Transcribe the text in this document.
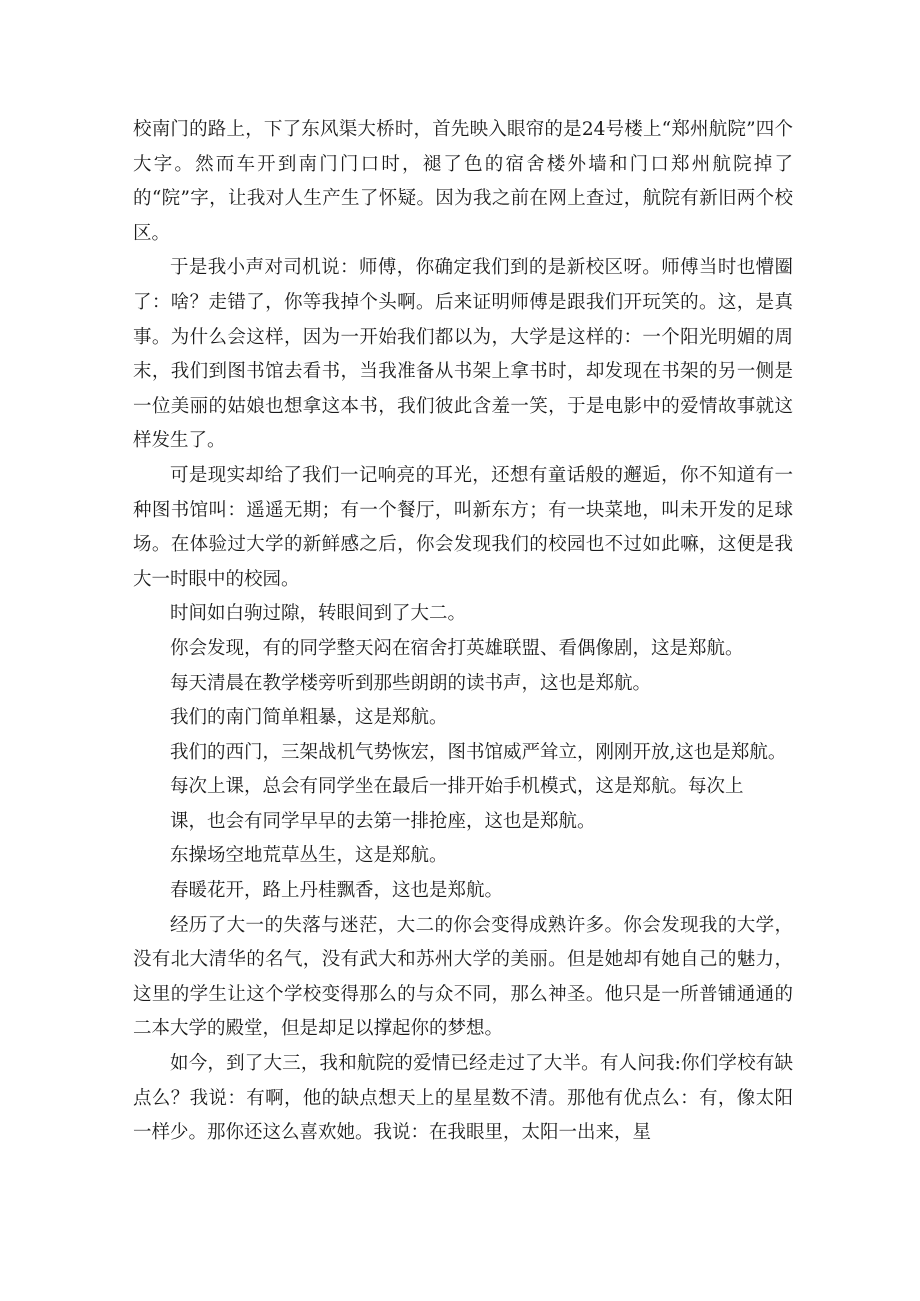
校南门的路上，下了东风渠大桥时，首先映入眼帘的是24号楼上“郑州航院”四个大字。然而车开到南门门口时，褪了色的宿舍楼外墙和门口郑州航院掉了的“院”字，让我对人生产生了怀疑。因为我之前在网上查过，航院有新旧两个校区。

于是我小声对司机说：师傅，你确定我们到的是新校区呀。师傅当时也懵圈了：啥？走错了，你等我掉个头啊。后来证明师傅是跟我们开玩笑的。这，是真事。为什么会这样，因为一开始我们都以为，大学是这样的：一个阳光明媚的周末，我们到图书馆去看书，当我准备从书架上拿书时，却发现在书架的另一侧是一位美丽的姑娘也想拿这本书，我们彼此含羞一笑，于是电影中的爱情故事就这样发生了。

可是现实却给了我们一记响亮的耳光，还想有童话般的邂逅，你不知道有一种图书馆叫：遥遥无期；有一个餐厅，叫新东方；有一块菜地，叫未开发的足球场。在体验过大学的新鲜感之后，你会发现我们的校园也不过如此嘛，这便是我大一时眼中的校园。

时间如白驹过隙，转眼间到了大二。

你会发现，有的同学整天闷在宿舍打英雄联盟、看偶像剧，这是郑航。

每天清晨在教学楼旁听到那些朗朗的读书声，这也是郑航。

我们的南门简单粗暴，这是郑航。

我们的西门，三架战机气势恢宏，图书馆威严耸立，刚刚开放,这也是郑航。

每次上课，总会有同学坐在最后一排开始手机模式，这是郑航。每次上

课，也会有同学早早的去第一排抢座，这也是郑航。

东操场空地荒草丛生，这是郑航。

春暖花开，路上丹桂飘香，这也是郑航。

经历了大一的失落与迷茫，大二的你会变得成熟许多。你会发现我的大学，没有北大清华的名气，没有武大和苏州大学的美丽。但是她却有她自己的魅力，这里的学生让这个学校变得那么的与众不同，那么神圣。他只是一所普铺通通的二本大学的殿堂，但是却足以撑起你的梦想。

如今，到了大三，我和航院的爱情已经走过了大半。有人问我:你们学校有缺点么？我说：有啊，他的缺点想天上的星星数不清。那他有优点么：有，像太阳一样少。那你还这么喜欢她。我说：在我眼里，太阳一出来，星
